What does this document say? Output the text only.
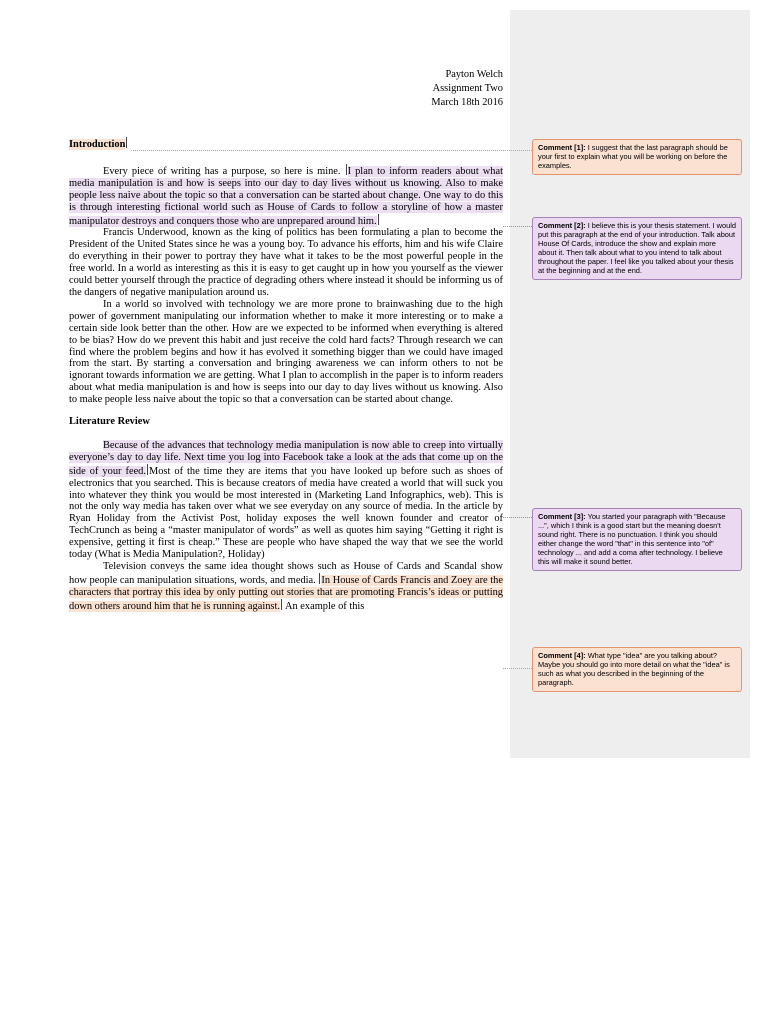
Payton Welch
Assignment Two
March 18th 2016
Introduction

Every piece of writing has a purpose, so here is mine. I plan to inform readers about what media manipulation is and how is seeps into our day to day lives without us knowing. Also to make people less naive about the topic so that a conversation can be started about change. One way to do this is through interesting fictional world such as House of Cards to follow a storyline of how a master manipulator destroys and conquers those who are unprepared around him.

Francis Underwood, known as the king of politics has been formulating a plan to become the President of the United States since he was a young boy. To advance his efforts, him and his wife Claire do everything in their power to portray they have what it takes to be the most powerful people in the free world. In a world as interesting as this it is easy to get caught up in how you yourself as the viewer could better yourself through the practice of degrading others where instead it should be informing us of the dangers of negative manipulation around us.

In a world so involved with technology we are more prone to brainwashing due to the high power of government manipulating our information whether to make it more interesting or to make a certain side look better than the other. How are we expected to be informed when everything is altered to be bias? How do we prevent this habit and just receive the cold hard facts? Through research we can find where the problem begins and how it has evolved it something bigger than we could have imaged from the start. By starting a conversation and bringing awareness we can inform others to not be ignorant towards information we are getting. What I plan to accomplish in the paper is to inform readers about what media manipulation is and how is seeps into our day to day lives without us knowing. Also to make people less naive about the topic so that a conversation can be started about change.

Literature Review

Because of the advances that technology media manipulation is now able to creep into virtually everyone’s day to day life. Next time you log into Facebook take a look at the ads that come up on the side of your feed. Most of the time they are items that you have looked up before such as shoes of electronics that you searched. This is because creators of media have created a world that will suck you into whatever they think you would be most interested in (Marketing Land Infographics, web). This is not the only way media has taken over what we see everyday on any source of media. In the article by Ryan Holiday from the Activist Post, holiday exposes the well known founder and creator of TechCrunch as being a “master manipulator of words” as well as quotes him saying “Getting it right is expensive, getting it first is cheap.” These are people who have shaped the way that we see the world today (What is Media Manipulation?, Holiday)

Television conveys the same idea thought shows such as House of Cards and Scandal show how people can manipulation situations, words, and media. In House of Cards Francis and Zoey are the characters that portray this idea by only putting out stories that are promoting Francis’s ideas or putting down others around him that he is running against. An example of this

Comment [1]: I suggest that the last paragraph should be your first to explain what you will be working on before the examples.
Comment [2]: I believe this is your thesis statement. I would put this paragraph at the end of your introduction. Talk about House Of Cards, introduce the show and explain more about it. Then talk about what to you intend to talk about throughout the paper. I feel like you talked about your thesis at the beginning and at the end.
Comment [3]: You started your paragraph with "Because ...", which I think is a good start but the meaning doesn't sound right. There is no punctuation. I think you should either change the word "that" in this sentence into "of" technology ... and add a coma after technology. I believe this will make it sound better.
Comment [4]: What type "idea" are you talking about? Maybe you should go into more detail on what the "idea" is such as what you described in the beginning of the paragraph.
